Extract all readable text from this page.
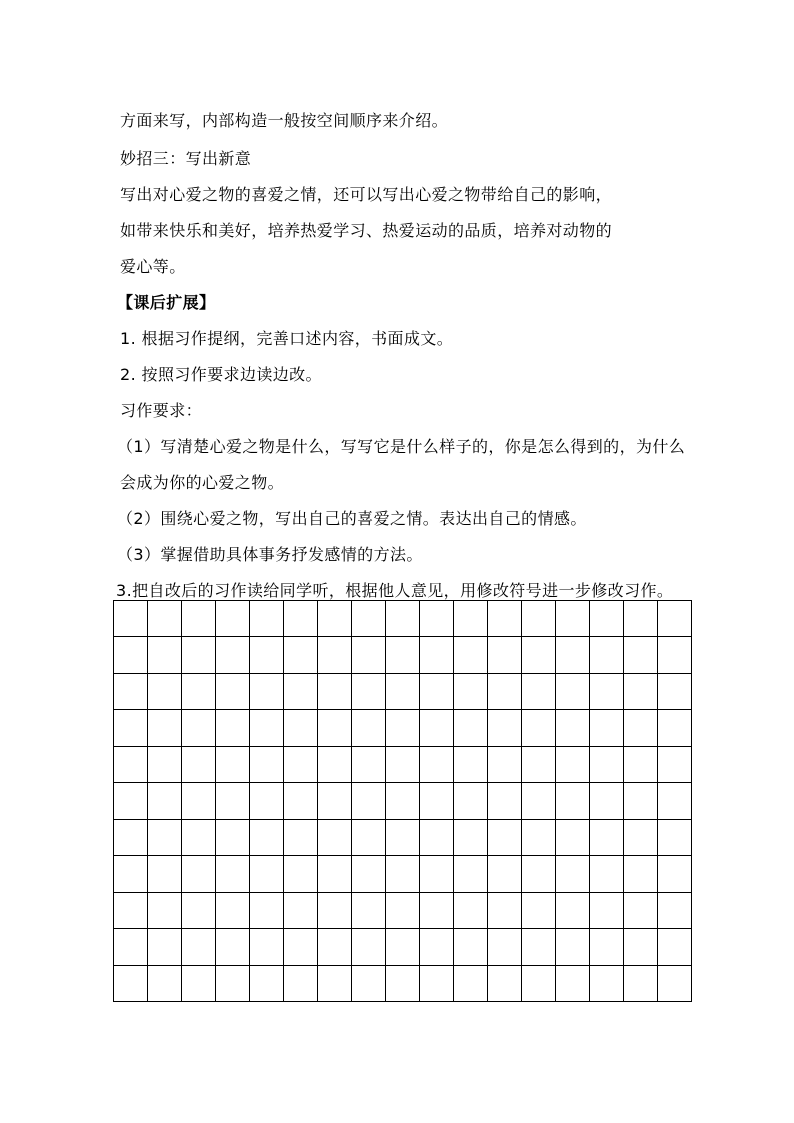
方面来写，内部构造一般按空间顺序来介绍。
妙招三：写出新意
写出对心爱之物的喜爱之情，还可以写出心爱之物带给自己的影响，
如带来快乐和美好，培养热爱学习、热爱运动的品质，培养对动物的
爱心等。
【课后扩展】
1. 根据习作提纲，完善口述内容，书面成文。
2. 按照习作要求边读边改。
习作要求：
（1）写清楚心爱之物是什么，写写它是什么样子的，你是怎么得到的，为什么
会成为你的心爱之物。
（2）围绕心爱之物，写出自己的喜爱之情。表达出自己的情感。
（3）掌握借助具体事务抒发感情的方法。
3.把自改后的习作读给同学听，根据他人意见，用修改符号进一步修改习作。
